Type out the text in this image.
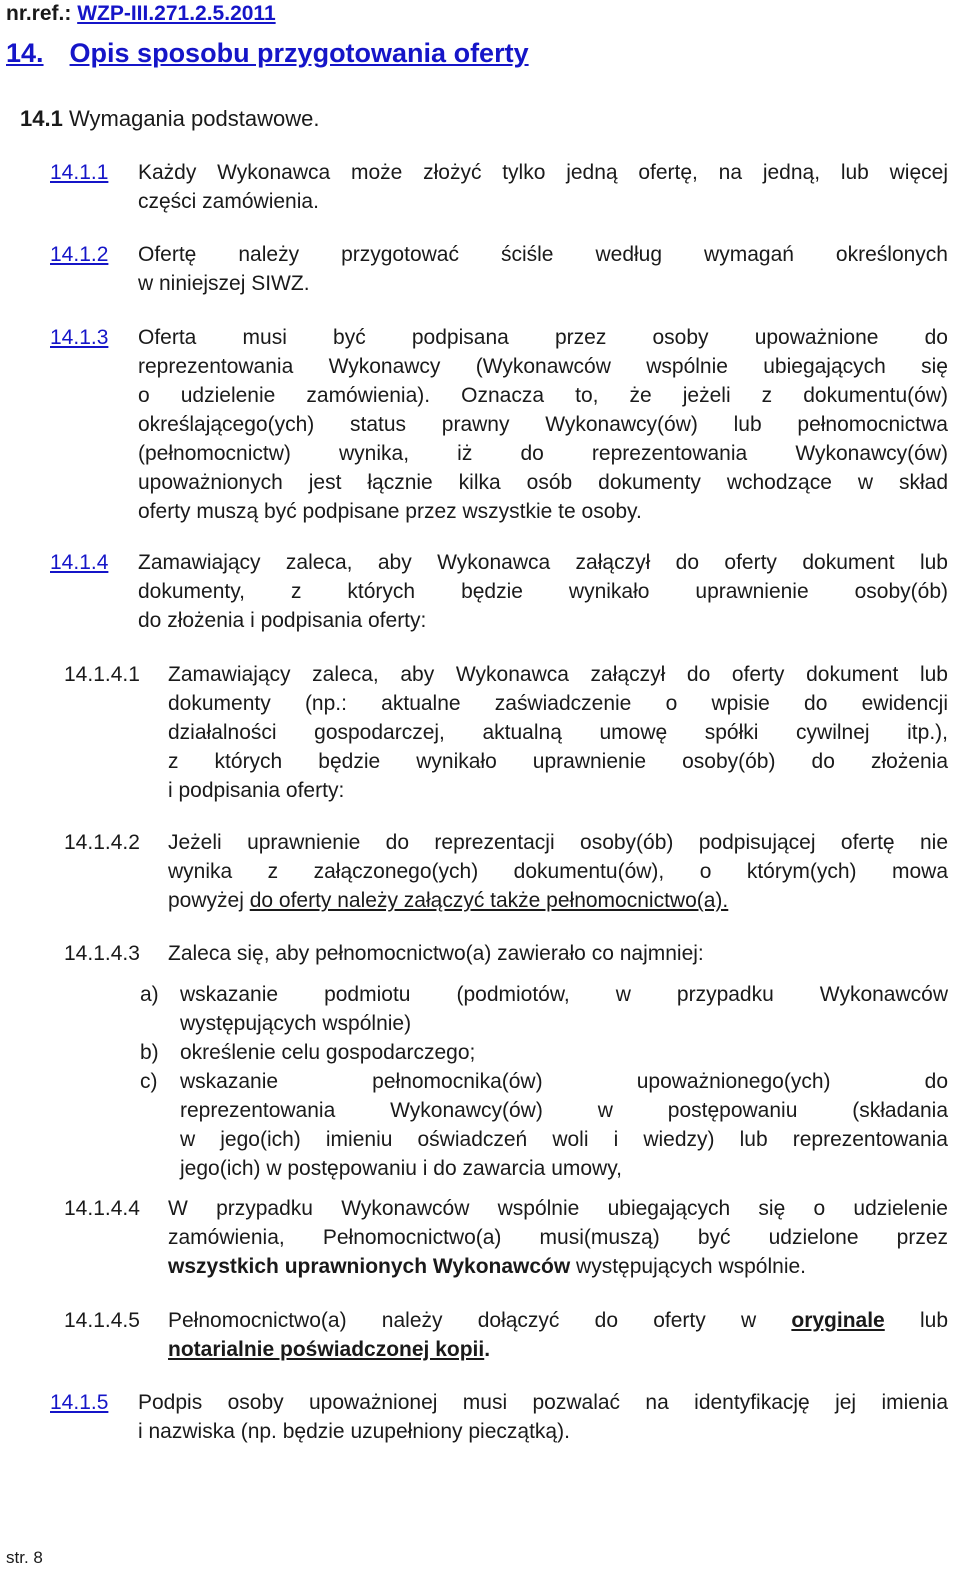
nr.ref.: WZP-III.271.2.5.2011
14. Opis sposobu przygotowania oferty
14.1 Wymagania podstawowe.
14.1.1 Każdy Wykonawca może złożyć tylko jedną ofertę, na jedną, lub więcej
części zamówienia.
14.1.2 Ofertę należy przygotować ściśle według wymagań określonych
w niniejszej SIWZ.
14.1.3 Oferta musi być podpisana przez osoby upoważnione do
reprezentowania Wykonawcy (Wykonawców wspólnie ubiegających się
o udzielenie zamówienia). Oznacza to, że jeżeli z dokumentu(ów)
określającego(ych) status prawny Wykonawcy(ów) lub pełnomocnictwa
(pełnomocnictw) wynika, iż do reprezentowania Wykonawcy(ów)
upoważnionych jest łącznie kilka osób dokumenty wchodzące w skład
oferty muszą być podpisane przez wszystkie te osoby.
14.1.4 Zamawiający zaleca, aby Wykonawca załączył do oferty dokument lub
dokumenty, z których będzie wynikało uprawnienie osoby(ób)
do złożenia i podpisania oferty:
14.1.4.1 Zamawiający zaleca, aby Wykonawca załączył do oferty dokument lub
dokumenty (np.: aktualne zaświadczenie o wpisie do ewidencji
działalności gospodarczej, aktualną umowę spółki cywilnej itp.),
z których będzie wynikało uprawnienie osoby(ób) do złożenia
i podpisania oferty:
14.1.4.2 Jeżeli uprawnienie do reprezentacji osoby(ób) podpisującej ofertę nie
wynika z załączonego(ych) dokumentu(ów), o którym(ych) mowa
powyżej do oferty należy załączyć także pełnomocnictwo(a).
14.1.4.3 Zaleca się, aby pełnomocnictwo(a) zawierało co najmniej:
a) wskazanie podmiotu (podmiotów, w przypadku Wykonawców
występujących wspólnie)
b) określenie celu gospodarczego;
c) wskazanie pełnomocnika(ów) upoważnionego(ych) do
reprezentowania Wykonawcy(ów) w postępowaniu (składania
w jego(ich) imieniu oświadczeń woli i wiedzy) lub reprezentowania
jego(ich) w postępowaniu i do zawarcia umowy,
14.1.4.4 W przypadku Wykonawców wspólnie ubiegających się o udzielenie
zamówienia, Pełnomocnictwo(a) musi(muszą) być udzielone przez
wszystkich uprawnionych Wykonawców występujących wspólnie.
14.1.4.5 Pełnomocnictwo(a) należy dołączyć do oferty w oryginale lub
notarialnie poświadczonej kopii.
14.1.5 Podpis osoby upoważnionej musi pozwalać na identyfikację jej imienia
i nazwiska (np. będzie uzupełniony pieczątką).
str. 8
